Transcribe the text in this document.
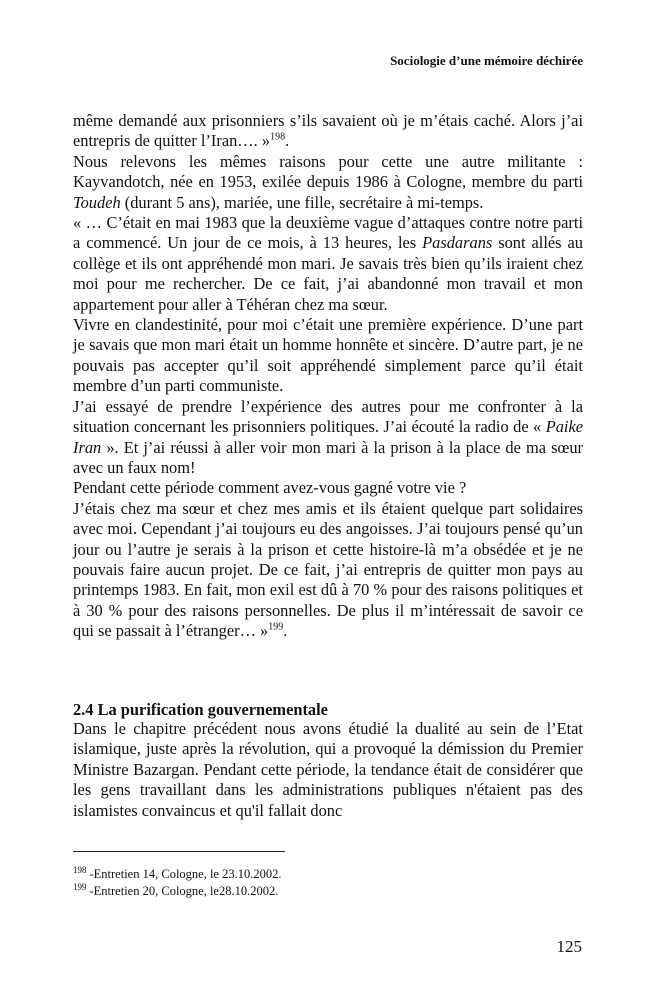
Sociologie d’une mémoire déchirée

même demandé aux prisonniers s’ils savaient où je m’étais caché. Alors j’ai entrepris de quitter l’Iran…. »$^{198}$.

Nous relevons les mêmes raisons pour cette une autre militante : Kayvandotch, née en 1953, exilée depuis 1986 à Cologne, membre du parti Toudeh (durant 5 ans), mariée, une fille, secrétaire à mi-temps.

« … C’était en mai 1983 que la deuxième vague d’attaques contre notre parti a commencé. Un jour de ce mois, à 13 heures, les Pasdarans sont allés au collège et ils ont appréhendé mon mari. Je savais très bien qu’ils iraient chez moi pour me rechercher. De ce fait, j’ai abandonné mon travail et mon appartement pour aller à Téhéran chez ma sœur.

Vivre en clandestinité, pour moi c’était une première expérience. D’une part je savais que mon mari était un homme honnête et sincère. D’autre part, je ne pouvais pas accepter qu’il soit appréhendé simplement parce qu’il était membre d’un parti communiste.

J’ai essayé de prendre l’expérience des autres pour me confronter à la situation concernant les prisonniers politiques. J’ai écouté la radio de « Paike Iran ». Et j’ai réussi à aller voir mon mari à la prison à la place de ma sœur avec un faux nom!

Pendant cette période comment avez-vous gagné votre vie ?

J’étais chez ma sœur et chez mes amis et ils étaient quelque part solidaires avec moi. Cependant j’ai toujours eu des angoisses. J’ai toujours pensé qu’un jour ou l’autre je serais à la prison et cette histoire-là m’a obsédée et je ne pouvais faire aucun projet. De ce fait, j’ai entrepris de quitter mon pays au printemps 1983. En fait, mon exil est dû à 70 % pour des raisons politiques et à 30 % pour des raisons personnelles. De plus il m’intéressait de savoir ce qui se passait à l’étranger… »$^{199}$.

2.4 La purification gouvernementale

Dans le chapitre précédent nous avons étudié la dualité au sein de l’Etat islamique, juste après la révolution, qui a provoqué la démission du Premier Ministre Bazargan. Pendant cette période, la tendance était de considérer que les gens travaillant dans les administrations publiques n'étaient pas des islamistes convaincus et qu'il fallait donc

$^{198}$ -Entretien 14, Cologne, le 23.10.2002.
$^{199}$ -Entretien 20, Cologne, le28.10.2002.
125
